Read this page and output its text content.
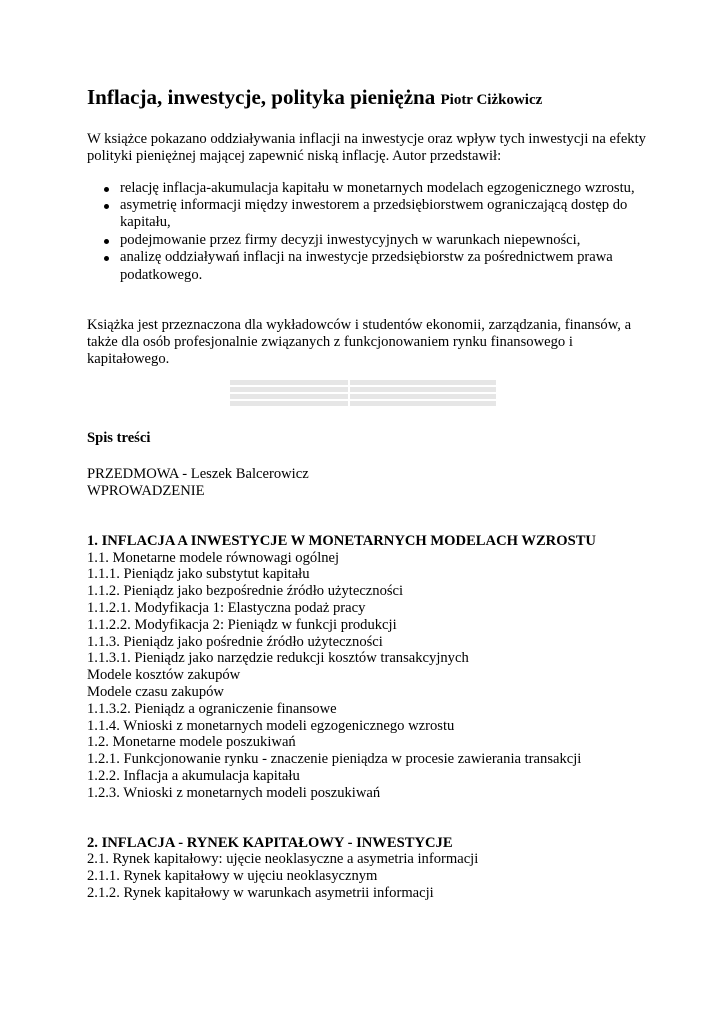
Inflacja, inwestycje, polityka pieniężna Piotr Ciżkowicz

W książce pokazano oddziaływania inflacji na inwestycje oraz wpływ tych inwestycji na efekty polityki pieniężnej mającej zapewnić niską inflację. Autor przedstawił:

relację inflacja-akumulacja kapitału w monetarnych modelach egzogenicznego wzrostu,
asymetrię informacji między inwestorem a przedsiębiorstwem ograniczającą dostęp do kapitału,
podejmowanie przez firmy decyzji inwestycyjnych w warunkach niepewności,
analizę oddziaływań inflacji na inwestycje przedsiębiorstw za pośrednictwem prawa podatkowego.

Książka jest przeznaczona dla wykładowców i studentów ekonomii, zarządzania, finansów, a także dla osób profesjonalnie związanych z funkcjonowaniem rynku finansowego i kapitałowego.

Spis treści
PRZEDMOWA - Leszek Balcerowicz
WPROWADZENIE
1. INFLACJA A INWESTYCJE W MONETARNYCH MODELACH WZROSTU
1.1. Monetarne modele równowagi ogólnej
1.1.1. Pieniądz jako substytut kapitału
1.1.2. Pieniądz jako bezpośrednie źródło użyteczności
1.1.2.1. Modyfikacja 1: Elastyczna podaż pracy
1.1.2.2. Modyfikacja 2: Pieniądz w funkcji produkcji
1.1.3. Pieniądz jako pośrednie źródło użyteczności
1.1.3.1. Pieniądz jako narzędzie redukcji kosztów transakcyjnych
Modele kosztów zakupów
Modele czasu zakupów
1.1.3.2. Pieniądz a ograniczenie finansowe
1.1.4. Wnioski z monetarnych modeli egzogenicznego wzrostu
1.2. Monetarne modele poszukiwań
1.2.1. Funkcjonowanie rynku - znaczenie pieniądza w procesie zawierania transakcji
1.2.2. Inflacja a akumulacja kapitału
1.2.3. Wnioski z monetarnych modeli poszukiwań
2. INFLACJA - RYNEK KAPITAŁOWY - INWESTYCJE
2.1. Rynek kapitałowy: ujęcie neoklasyczne a asymetria informacji
2.1.1. Rynek kapitałowy w ujęciu neoklasycznym
2.1.2. Rynek kapitałowy w warunkach asymetrii informacji
